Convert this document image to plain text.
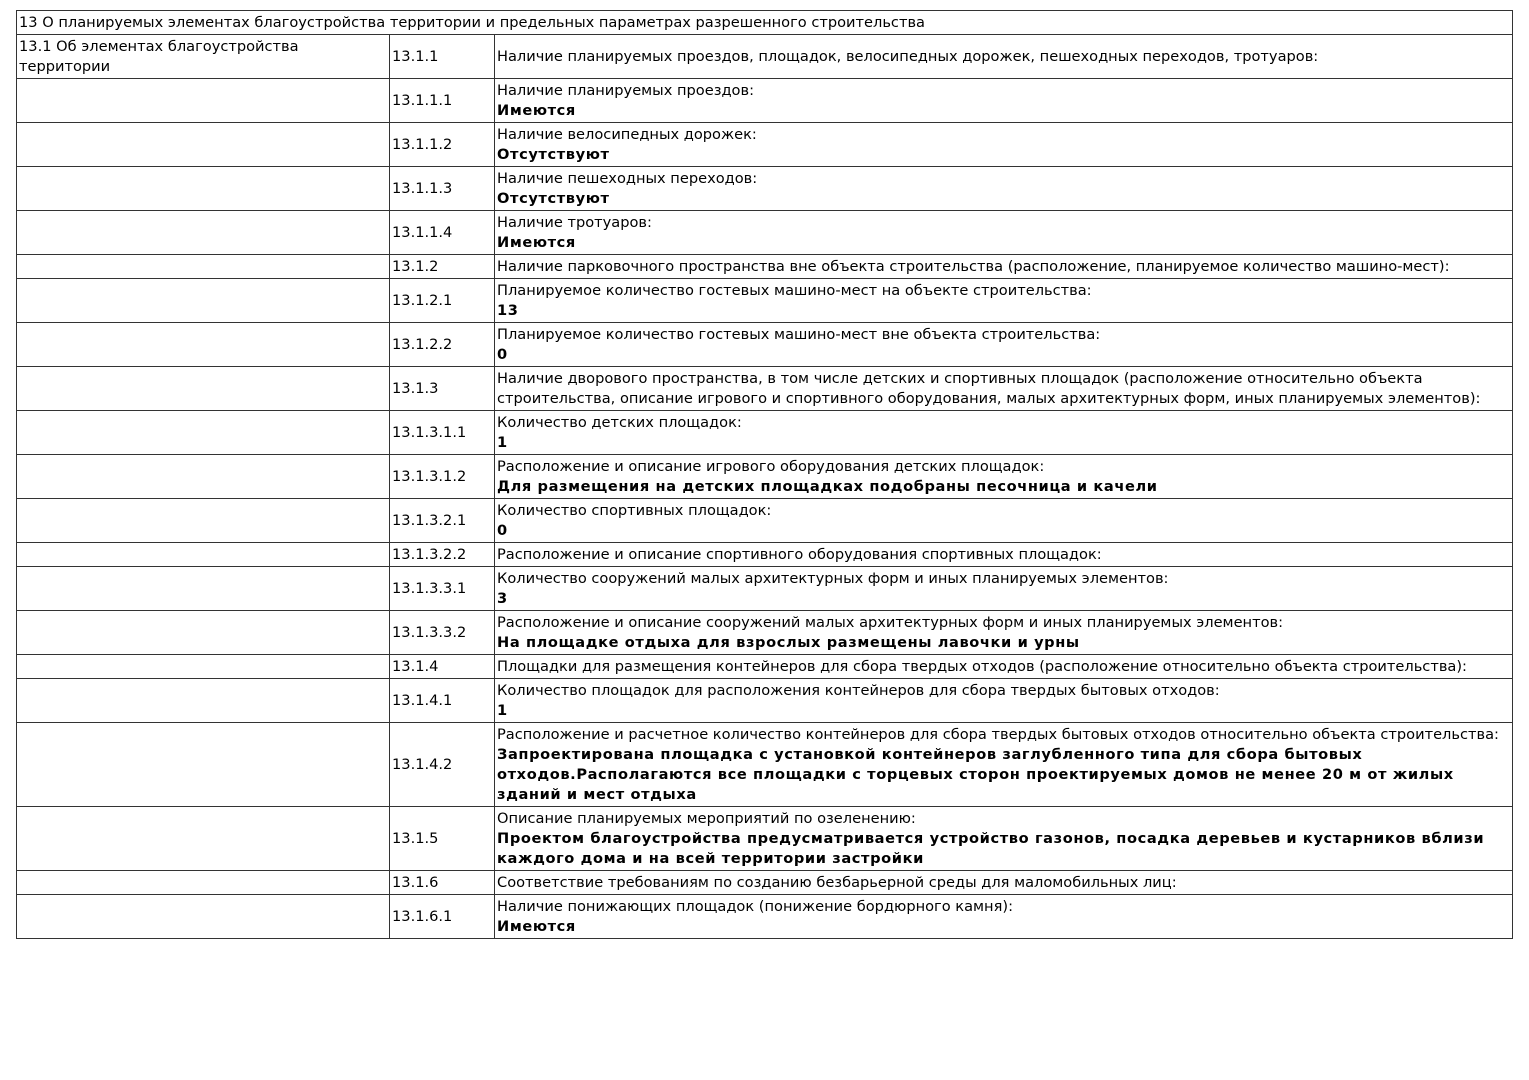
13 О планируемых элементах благоустройства территории и предельных параметрах разрешенного строительства		
13.1 Об элементах благоустройства территории	13.1.1	Наличие планируемых проездов, площадок, велосипедных дорожек, пешеходных переходов, тротуаров:

	13.1.1.1	Наличие планируемых проездов:
Имеются

	13.1.1.2	Наличие велосипедных дорожек:
Отсутствуют

	13.1.1.3	Наличие пешеходных переходов:
Отсутствуют

	13.1.1.4	Наличие тротуаров:
Имеются

	13.1.2	Наличие парковочного пространства вне объекта строительства (расположение, планируемое количество машино-мест):

	13.1.2.1	Планируемое количество гостевых машино-мест на объекте строительства:
13

	13.1.2.2	Планируемое количество гостевых машино-мест вне объекта строительства:
0

	13.1.3	Наличие дворового пространства, в том числе детских и спортивных площадок (расположение относительно объекта строительства, описание игрового и спортивного оборудования, малых архитектурных форм, иных планируемых элементов):

	13.1.3.1.1	Количество детских площадок:
1

	13.1.3.1.2	Расположение и описание игрового оборудования детских площадок:
Для размещения на детских площадках подобраны песочница и качели

	13.1.3.2.1	Количество спортивных площадок:
0

	13.1.3.2.2	Расположение и описание спортивного оборудования спортивных площадок:

	13.1.3.3.1	Количество сооружений малых архитектурных форм и иных планируемых элементов:
3

	13.1.3.3.2	Расположение и описание сооружений малых архитектурных форм и иных планируемых элементов:
На площадке отдыха для взрослых размещены лавочки и урны

	13.1.4	Площадки для размещения контейнеров для сбора твердых отходов (расположение относительно объекта строительства):

	13.1.4.1	Количество площадок для расположения контейнеров для сбора твердых бытовых отходов:
1

	13.1.4.2	Расположение и расчетное количество контейнеров для сбора твердых бытовых отходов относительно объекта строительства:
Запроектирована площадка с установкой контейнеров заглубленного типа для сбора бытовых отходов.Располагаются все площадки с торцевых сторон проектируемых домов не менее 20 м от жилых зданий и мест отдыха

	13.1.5	Описание планируемых мероприятий по озеленению:
Проектом благоустройства предусматривается устройство газонов, посадка деревьев и кустарников вблизи каждого дома и на всей территории застройки

	13.1.6	Соответствие требованиям по созданию безбарьерной среды для маломобильных лиц:

	13.1.6.1	Наличие понижающих площадок (понижение бордюрного камня):
Имеются
